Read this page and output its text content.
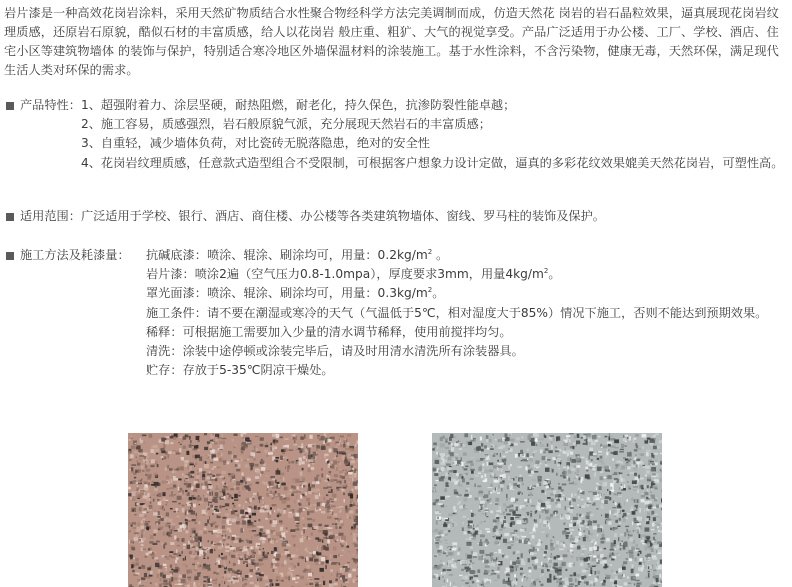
岩片漆是一种高效花岗岩涂料，采用天然矿物质结合水性聚合物经科学方法完美调制而成，仿造天然花 岗岩的岩石晶粒效果，逼真展现花岗岩纹理质感，还原岩石原貌，酷似石材的丰富质感，给人以花岗岩 般庄重、粗犷、大气的视觉享受。产品广泛适用于办公楼、工厂、学校、酒店、住宅小区等建筑物墙体 的装饰与保护，特别适合寒冷地区外墙保温材料的涂装施工。基于水性涂料，不含污染物，健康无毒，天然环保，满足现代生活人类对环保的需求。

产品特性： 1、 超强附着力、涂层坚硬，耐热阻燃，耐老化，持久保色，抗渗防裂性能卓越；
2、 施工容易，质感强烈，岩石般原貌气派，充分展现天然岩石的丰富质感；
3、 自重轻，减少墙体负荷，对比瓷砖无脱落隐患，绝对的安全性
4、 花岗岩纹理质感，任意款式造型组合不受限制，可根据客户想象力设计定做，逼真的多彩花纹效果媲美天然花岗岩，可塑性高。
适用范围： 广泛适用于学校、银行、酒店、商住楼、办公楼等各类建筑物墙体、窗线、罗马柱的装饰及保护。
施工方法及耗漆量： 抗碱底漆： 喷涂、辊涂、刷涂均可，用量：$0.2kg/m^2$ 。
岩片漆： 喷涂2遍（空气压力0.8-1.0mpa），厚度要求3mm，用量$4kg/m^2$。
罩光面漆： 喷涂、辊涂、刷涂均可，用量：$0.3kg/m^2$。
施工条件： 请不要在潮湿或寒冷的天气（气温低于5℃，相对湿度大于85%）情况下施工，否则不能达到预期效果。
稀释： 可根据施工需要加入少量的清水调节稀释，使用前搅拌均匀。
清洗： 涂装中途停顿或涂装完毕后，请及时用清水清洗所有涂装器具。
贮存： 存放于5-35℃阴凉干燥处。
